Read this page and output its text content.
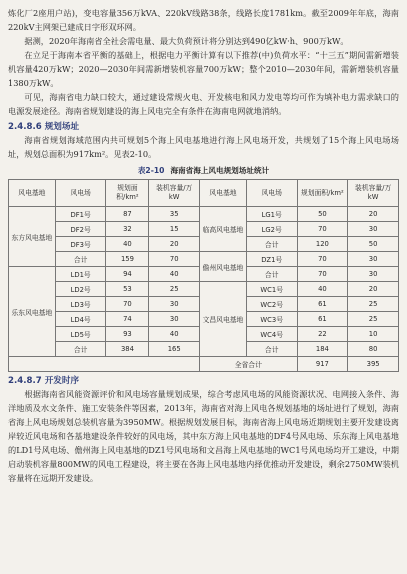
炼化厂2座用户站)，变电容量356万kVA、220kV线路38条，线路长度1781km。截至2009年年底，海南220kV主网架已建成日字形双环网。

据测，2020年海南省全社会需电量、最大负荷预计将分别达到490亿kW·h、900万kW。

在立足于海南本省平衡的基础上，根据电力平衡计算有以下推荐(中)负荷水平：“十三五”期间需新增装机容量420万kW；2020—2030年间需新增装机容量700万kW；整个2010—2030年间，需新增装机容量1380万kW。

可见，海南省电力缺口较大，通过建设常规火电、开发核电和风力发电等均可作为填补电力需求缺口的电源发展途径。海南省规划建设的海上风电完全有条件在海南电网就地消纳。

2.4.8.6 规划场址

海南省规划海域范围内共可规划5个海上风电基地进行海上风电场开发，共规划了15个海上风电场场址，规划总面积为917km²。见表2-10。

表2-10 海南省海上风电规划场址统计
风电基地	风电场	规划面积/km²	装机容量/万kW	风电基地	风电场	规划面积/km²	装机容量/万kW
东方风电基地	DF1号	87	35	临高风电基地	LG1号	50	20
	DF2号	32	15		LG2号	70	30
	DF3号	40	20		合计	120	50
	合计	159	70	儋州风电基地	DZ1号	70	30
乐东风电基地	LD1号	94	40		合计	70	30
	LD2号	53	25	文昌风电基地	WC1号	40	20
	LD3号	70	30		WC2号	61	25
	LD4号	74	30		WC3号	61	25
	LD5号	93	40		WC4号	22	10
	合计	384	165		合计	184	80
				全省合计		917	395
2.4.8.7 开发时序

根据海南省风能资源评价和风电场容量规划成果，综合考虑风电场的风能资源状况、电网接入条件、海洋地质及水文条件、施工安装条件等因素，2013年，海南省对海上风电各规划基地的场址进行了规划，海南省海上风电场规划总装机容量为3950MW。根据规划发展目标，海南省海上风电场近期规划主要开发建设离岸较近风电场和各基地建设条件较好的风电场，其中东方海上风电基地的DF4号风电场、乐东海上风电基地的LD1号风电场、儋州海上风电基地的DZ1号风电场和文昌海上风电基地的WC1号风电场均开工建设，中期启动装机容量800MW的风电工程建设，将主要在各海上风电基地内择优推动开发建设，剩余2750MW装机容量将在远期开发建设。
